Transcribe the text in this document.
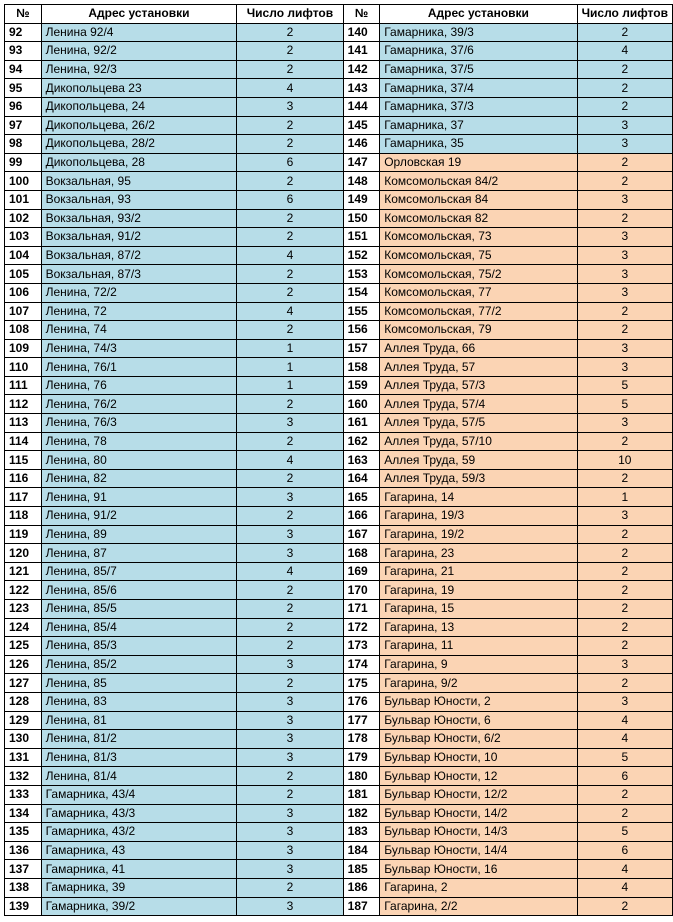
№	Адрес установки	Число лифтов	№	Адрес установки	Число лифтов
92	Ленина 92/4	2	140	Гамарника, 39/3	2
93	Ленина, 92/2	2	141	Гамарника, 37/6	4
94	Ленина, 92/3	2	142	Гамарника, 37/5	2
95	Дикопольцева 23	4	143	Гамарника, 37/4	2
96	Дикопольцева, 24	3	144	Гамарника, 37/3	2
97	Дикопольцева, 26/2	2	145	Гамарника, 37	3
98	Дикопольцева, 28/2	2	146	Гамарника, 35	3
99	Дикопольцева, 28	6	147	Орловская 19	2
100	Вокзальная, 95	2	148	Комсомольская 84/2	2
101	Вокзальная, 93	6	149	Комсомольская 84	3
102	Вокзальная, 93/2	2	150	Комсомольская 82	2
103	Вокзальная, 91/2	2	151	Комсомольская, 73	3
104	Вокзальная, 87/2	4	152	Комсомольская, 75	3
105	Вокзальная, 87/3	2	153	Комсомольская, 75/2	3
106	Ленина, 72/2	2	154	Комсомольская, 77	3
107	Ленина, 72	4	155	Комсомольская, 77/2	2
108	Ленина, 74	2	156	Комсомольская, 79	2
109	Ленина, 74/3	1	157	Аллея Труда, 66	3
110	Ленина, 76/1	1	158	Аллея Труда, 57	3
111	Ленина, 76	1	159	Аллея Труда, 57/3	5
112	Ленина, 76/2	2	160	Аллея Труда, 57/4	5
113	Ленина, 76/3	3	161	Аллея Труда, 57/5	3
114	Ленина, 78	2	162	Аллея Труда, 57/10	2
115	Ленина, 80	4	163	Аллея Труда, 59	10
116	Ленина, 82	2	164	Аллея Труда, 59/3	2
117	Ленина, 91	3	165	Гагарина, 14	1
118	Ленина, 91/2	2	166	Гагарина, 19/3	3
119	Ленина, 89	3	167	Гагарина, 19/2	2
120	Ленина, 87	3	168	Гагарина, 23	2
121	Ленина, 85/7	4	169	Гагарина, 21	2
122	Ленина, 85/6	2	170	Гагарина, 19	2
123	Ленина, 85/5	2	171	Гагарина, 15	2
124	Ленина, 85/4	2	172	Гагарина, 13	2
125	Ленина, 85/3	2	173	Гагарина, 11	2
126	Ленина, 85/2	3	174	Гагарина, 9	3
127	Ленина, 85	2	175	Гагарина, 9/2	2
128	Ленина, 83	3	176	Бульвар Юности, 2	3
129	Ленина, 81	3	177	Бульвар Юности, 6	4
130	Ленина, 81/2	3	178	Бульвар Юности, 6/2	4
131	Ленина, 81/3	3	179	Бульвар Юности, 10	5
132	Ленина, 81/4	2	180	Бульвар Юности, 12	6
133	Гамарника, 43/4	2	181	Бульвар Юности, 12/2	2
134	Гамарника, 43/3	3	182	Бульвар Юности, 14/2	2
135	Гамарника, 43/2	3	183	Бульвар Юности, 14/3	5
136	Гамарника, 43	3	184	Бульвар Юности, 14/4	6
137	Гамарника, 41	3	185	Бульвар Юности, 16	4
138	Гамарника, 39	2	186	Гагарина, 2	4
139	Гамарника, 39/2	3	187	Гагарина, 2/2	2
